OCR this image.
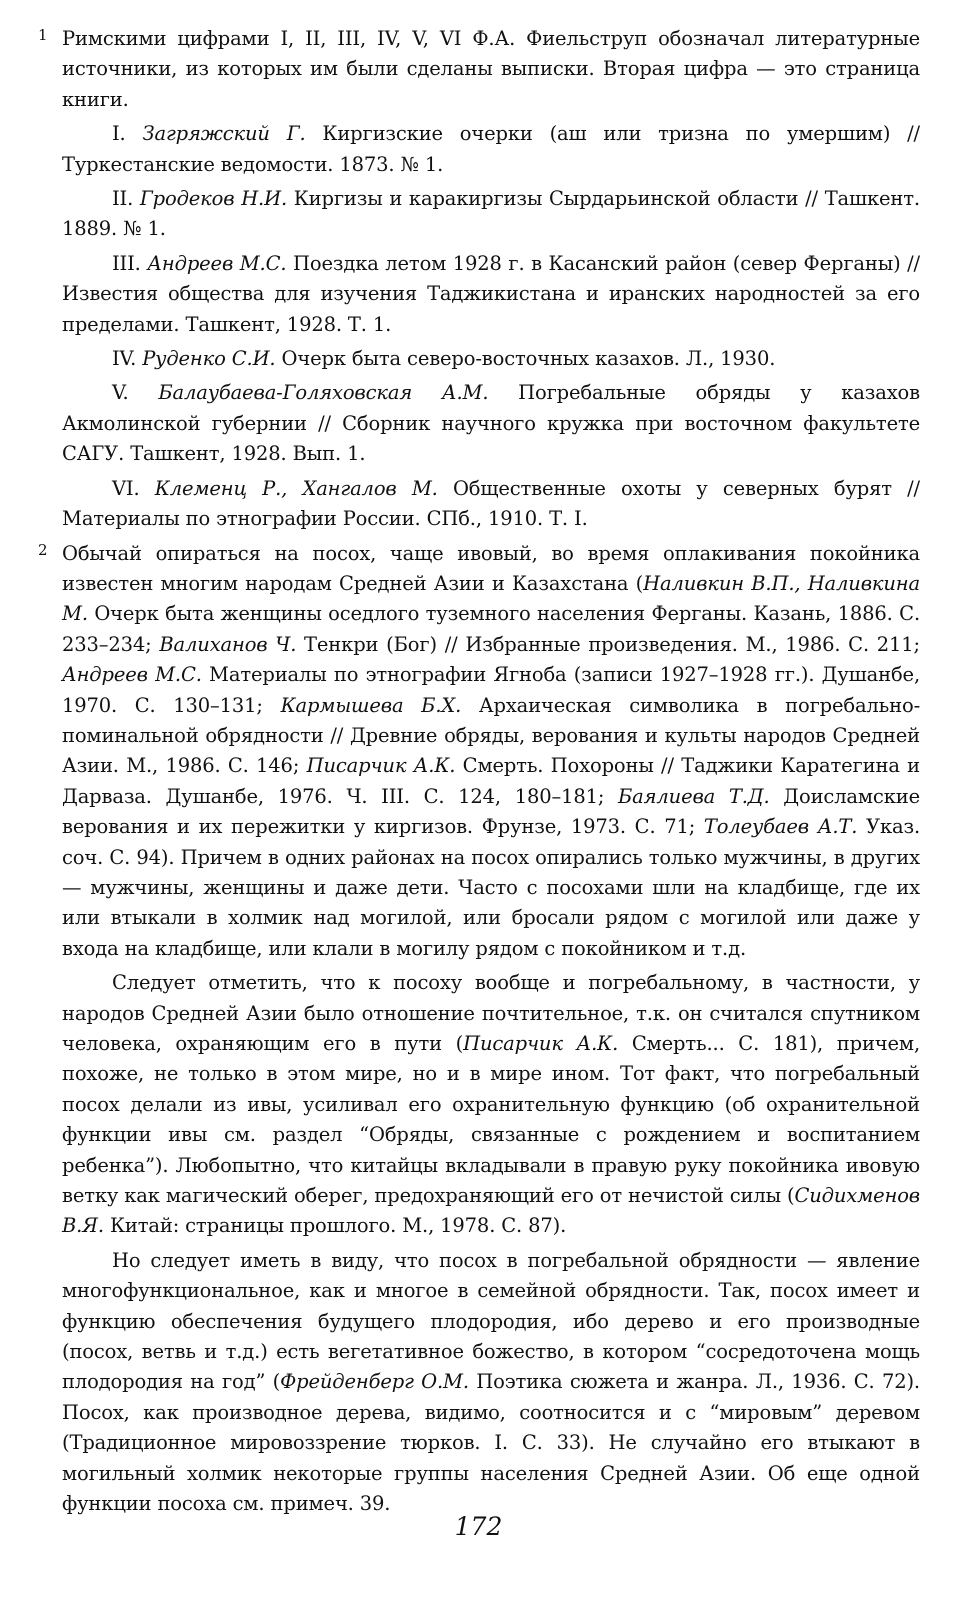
1 Римскими цифрами I, II, III, IV, V, VI Ф.А. Фиельструп обозначал литературные источники, из которых им были сделаны выписки. Вторая цифра — это страница книги.

I. Загряжский Г. Киргизские очерки (аш или тризна по умершим) // Туркестанские ведомости. 1873. № 1.

II. Гродеков Н.И. Киргизы и каракиргизы Сырдарьинской области // Ташкент. 1889. № 1.

III. Андреев М.С. Поездка летом 1928 г. в Касанский район (север Ферганы) // Известия общества для изучения Таджикистана и иранских народностей за его пределами. Ташкент, 1928. Т. 1.

IV. Руденко С.И. Очерк быта северо-восточных казахов. Л., 1930.

V. Балаубаева-Голяховская А.М. Погребальные обряды у казахов Акмолинской губернии // Сборник научного кружка при восточном факультете САГУ. Ташкент, 1928. Вып. 1.

VI. Клеменц Р., Хангалов М. Общественные охоты у северных бурят // Материалы по этнографии России. СПб., 1910. Т. I.

2 Обычай опираться на посох, чаще ивовый, во время оплакивания покойника известен многим народам Средней Азии и Казахстана (Наливкин В.П., Наливкина М. Очерк быта женщины оседлого туземного населения Ферганы. Казань, 1886. С. 233–234; Валиханов Ч. Тенкри (Бог) // Избранные произведения. М., 1986. С. 211; Андреев М.С. Материалы по этнографии Ягноба (записи 1927–1928 гг.). Душанбе, 1970. С. 130–131; Кармышева Б.Х. Архаическая символика в погребально-поминальной обрядности // Древние обряды, верования и культы народов Средней Азии. М., 1986. С. 146; Писарчик А.К. Смерть. Похороны // Таджики Каратегина и Дарваза. Душанбе, 1976. Ч. III. С. 124, 180–181; Баялиева Т.Д. Доисламские верования и их пережитки у киргизов. Фрунзе, 1973. С. 71; Толеубаев А.Т. Указ. соч. С. 94). Причем в одних районах на посох опирались только мужчины, в других — мужчины, женщины и даже дети. Часто с посохами шли на кладбище, где их или втыкали в холмик над могилой, или бросали рядом с могилой или даже у входа на кладбище, или клали в могилу рядом с покойником и т.д.

Следует отметить, что к посоху вообще и погребальному, в частности, у народов Средней Азии было отношение почтительное, т.к. он считался спутником человека, охраняющим его в пути (Писарчик А.К. Смерть... С. 181), причем, похоже, не только в этом мире, но и в мире ином. Тот факт, что погребальный посох делали из ивы, усиливал его охранительную функцию (об охранительной функции ивы см. раздел “Обряды, связанные с рождением и воспитанием ребенка”). Любопытно, что китайцы вкладывали в правую руку покойника ивовую ветку как магический оберег, предохраняющий его от нечистой силы (Сидихменов В.Я. Китай: страницы прошлого. М., 1978. С. 87).

Но следует иметь в виду, что посох в погребальной обрядности — явление многофункциональное, как и многое в семейной обрядности. Так, посох имеет и функцию обеспечения будущего плодородия, ибо дерево и его производные (посох, ветвь и т.д.) есть вегетативное божество, в котором “сосредоточена мощь плодородия на год” (Фрейденберг О.М. Поэтика сюжета и жанра. Л., 1936. С. 72). Посох, как производное дерева, видимо, соотносится и с “мировым” деревом (Традиционное мировоззрение тюрков. I. С. 33). Не случайно его втыкают в могильный холмик некоторые группы населения Средней Азии. Об еще одной функции посоха см. примеч. 39.

172
